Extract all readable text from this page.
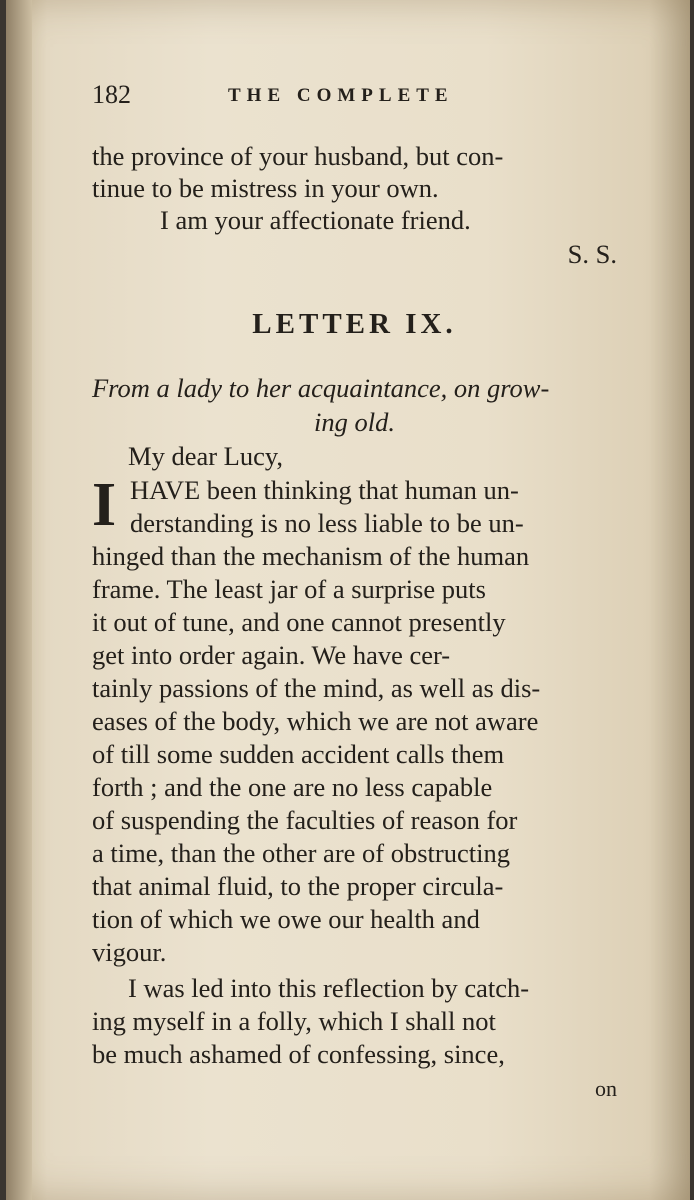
182	THE COMPLETE
the province of your husband, but con-
tinue to be mistress in your own.
I am your affectionate friend.
S. S.
LETTER IX.
From a lady to her acquaintance, on grow-
ing old.
My dear Lucy,
I HAVE been thinking that human un-
derstanding is no less liable to be un-
hinged than the mechanism of the human
frame. The least jar of a surprise puts
it out of tune, and one cannot presently
get into order again. We have cer-
tainly passions of the mind, as well as dis-
eases of the body, which we are not aware
of till some sudden accident calls them
forth ; and the one are no less capable
of suspending the faculties of reason for
a time, than the other are of obstructing
that animal fluid, to the proper circula-
tion of which we owe our health and
vigour.
I was led into this reflection by catch-
ing myself in a folly, which I shall not
be much ashamed of confessing, since,
on
